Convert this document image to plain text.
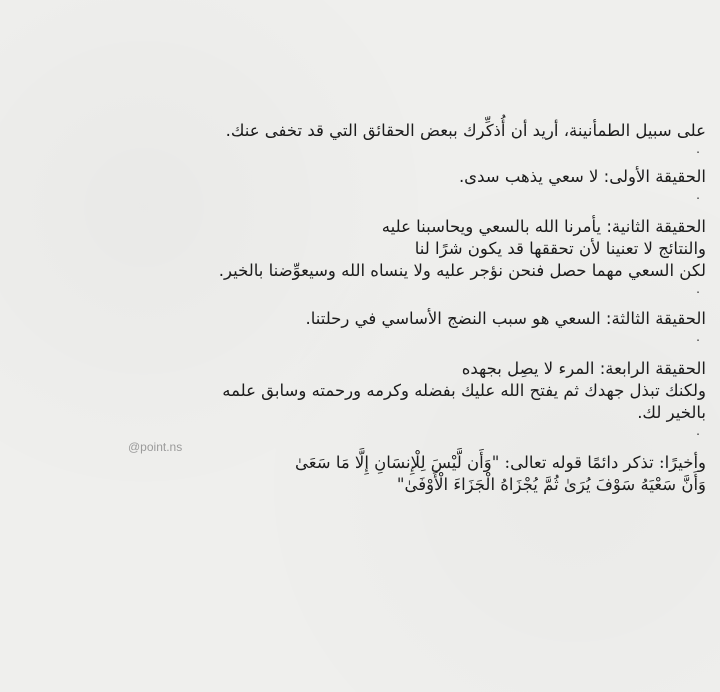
على سبيل الطمأنينة، أريد أن أُذكِّرك ببعض الحقائق التي قد تخفى عنك.
.

الحقيقة الأولى: لا سعي يذهب سدى.
.

الحقيقة الثانية: يأمرنا الله بالسعي ويحاسبنا عليه
والنتائج لا تعنينا لأن تحققها قد يكون شرًا لنا
لكن السعي مهما حصل فنحن نؤجر عليه ولا ينساه الله وسيعوِّضنا بالخير.
.

الحقيقة الثالثة: السعي هو سبب النضج الأساسي في رحلتنا.
.

الحقيقة الرابعة: المرء لا يصِل بجهده
ولكنك تبذل جهدك ثم يفتح الله عليك بفضله وكرمه ورحمته وسابق علمه
بالخير لك.
.

وأخيرًا: تذكر دائمًا قوله تعالى: "وَأَن لَّيْسَ لِلْإِنسَانِ إِلَّا مَا سَعَىٰ
وَأَنَّ سَعْيَهُ سَوْفَ يُرَىٰ ثُمَّ يُجْزَاهُ الْجَزَاءَ الْأَوْفَىٰ"

@point.ns
